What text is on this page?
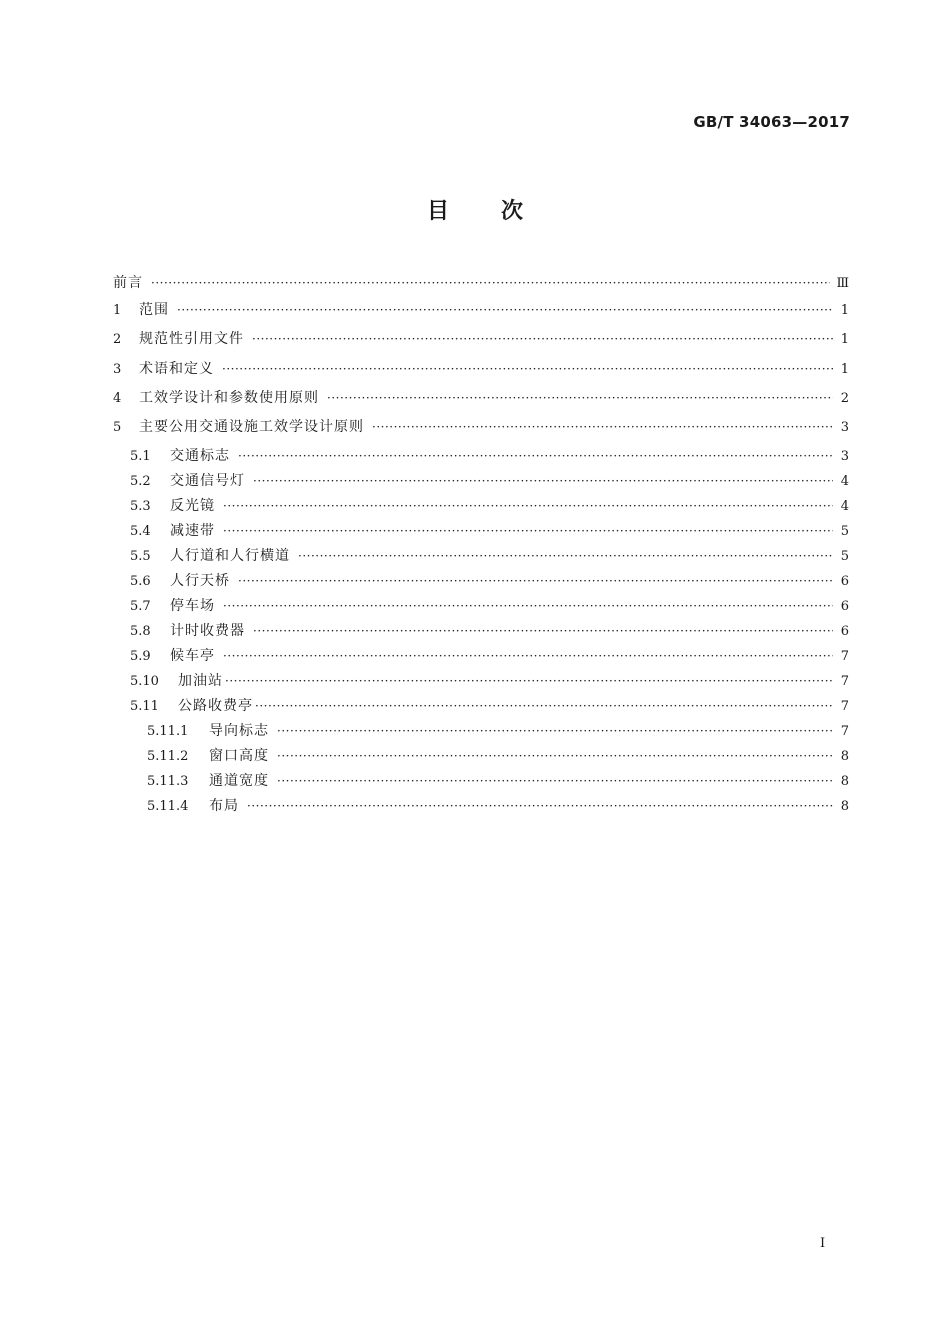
GB/T 34063—2017
目 次
前言 ·····	Ⅲ
1	范围 ·····	1
2	规范性引用文件 ·····	1
3	术语和定义 ·····	1
4	工效学设计和参数使用原则 ·····	2
5	主要公用交通设施工效学设计原则 ·····	3
5.1	交通标志 ·····	3
5.2	交通信号灯 ·····	4
5.3	反光镜 ·····	4
5.4	减速带 ·····	5
5.5	人行道和人行横道 ·····	5
5.6	人行天桥 ·····	6
5.7	停车场 ·····	6
5.8	计时收费器 ·····	6
5.9	候车亭 ·····	7
5.10	加油站 ·····	7
5.11	公路收费亭 ·····	7
5.11.1	导向标志 ·····	7
5.11.2	窗口高度 ·····	8
5.11.3	通道宽度 ·····	8
5.11.4	布局 ·····	8
I
